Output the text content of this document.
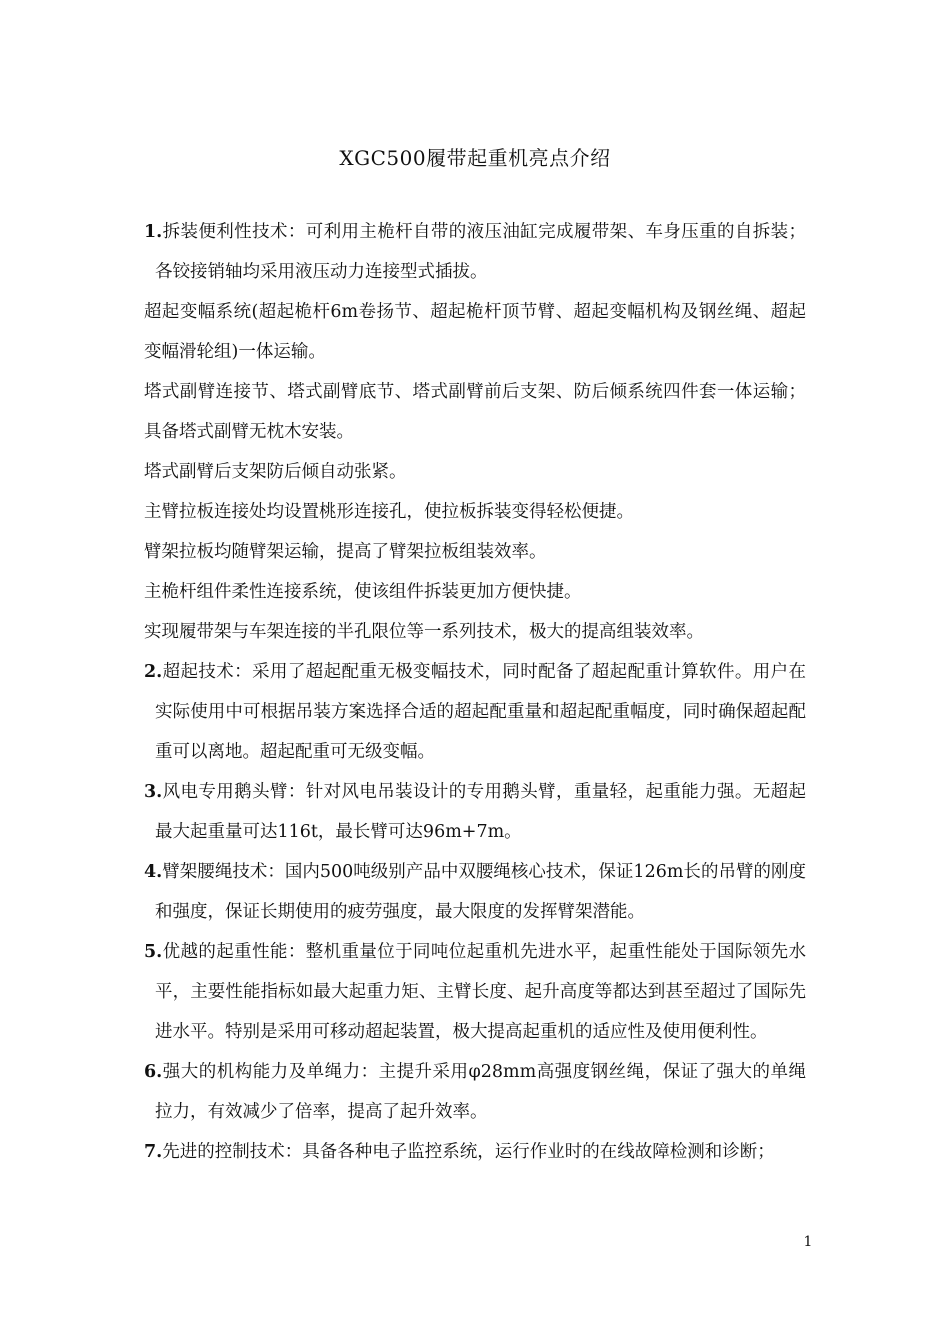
XGC500履带起重机亮点介绍

1.拆装便利性技术：可利用主桅杆自带的液压油缸完成履带架、车身压重的自拆装；各铰接销轴均采用液压动力连接型式插拔。

超起变幅系统(超起桅杆6m卷扬节、超起桅杆顶节臂、超起变幅机构及钢丝绳、超起变幅滑轮组)一体运输。

塔式副臂连接节、塔式副臂底节、塔式副臂前后支架、防后倾系统四件套一体运输；具备塔式副臂无枕木安装。

塔式副臂后支架防后倾自动张紧。

主臂拉板连接处均设置桃形连接孔，使拉板拆装变得轻松便捷。

臂架拉板均随臂架运输，提高了臂架拉板组装效率。

主桅杆组件柔性连接系统，使该组件拆装更加方便快捷。

实现履带架与车架连接的半孔限位等一系列技术，极大的提高组装效率。

2.超起技术：采用了超起配重无极变幅技术，同时配备了超起配重计算软件。用户在实际使用中可根据吊装方案选择合适的超起配重量和超起配重幅度，同时确保超起配重可以离地。超起配重可无级变幅。

3.风电专用鹅头臂：针对风电吊装设计的专用鹅头臂，重量轻，起重能力强。无超起最大起重量可达116t，最长臂可达96m+7m。

4.臂架腰绳技术：国内500吨级别产品中双腰绳核心技术，保证126m长的吊臂的刚度和强度，保证长期使用的疲劳强度，最大限度的发挥臂架潜能。

5.优越的起重性能：整机重量位于同吨位起重机先进水平，起重性能处于国际领先水平，主要性能指标如最大起重力矩、主臂长度、起升高度等都达到甚至超过了国际先进水平。特别是采用可移动超起装置，极大提高起重机的适应性及使用便利性。

6.强大的机构能力及单绳力：主提升采用φ28mm高强度钢丝绳，保证了强大的单绳拉力，有效减少了倍率，提高了起升效率。

7.先进的控制技术：具备各种电子监控系统，运行作业时的在线故障检测和诊断；

1
